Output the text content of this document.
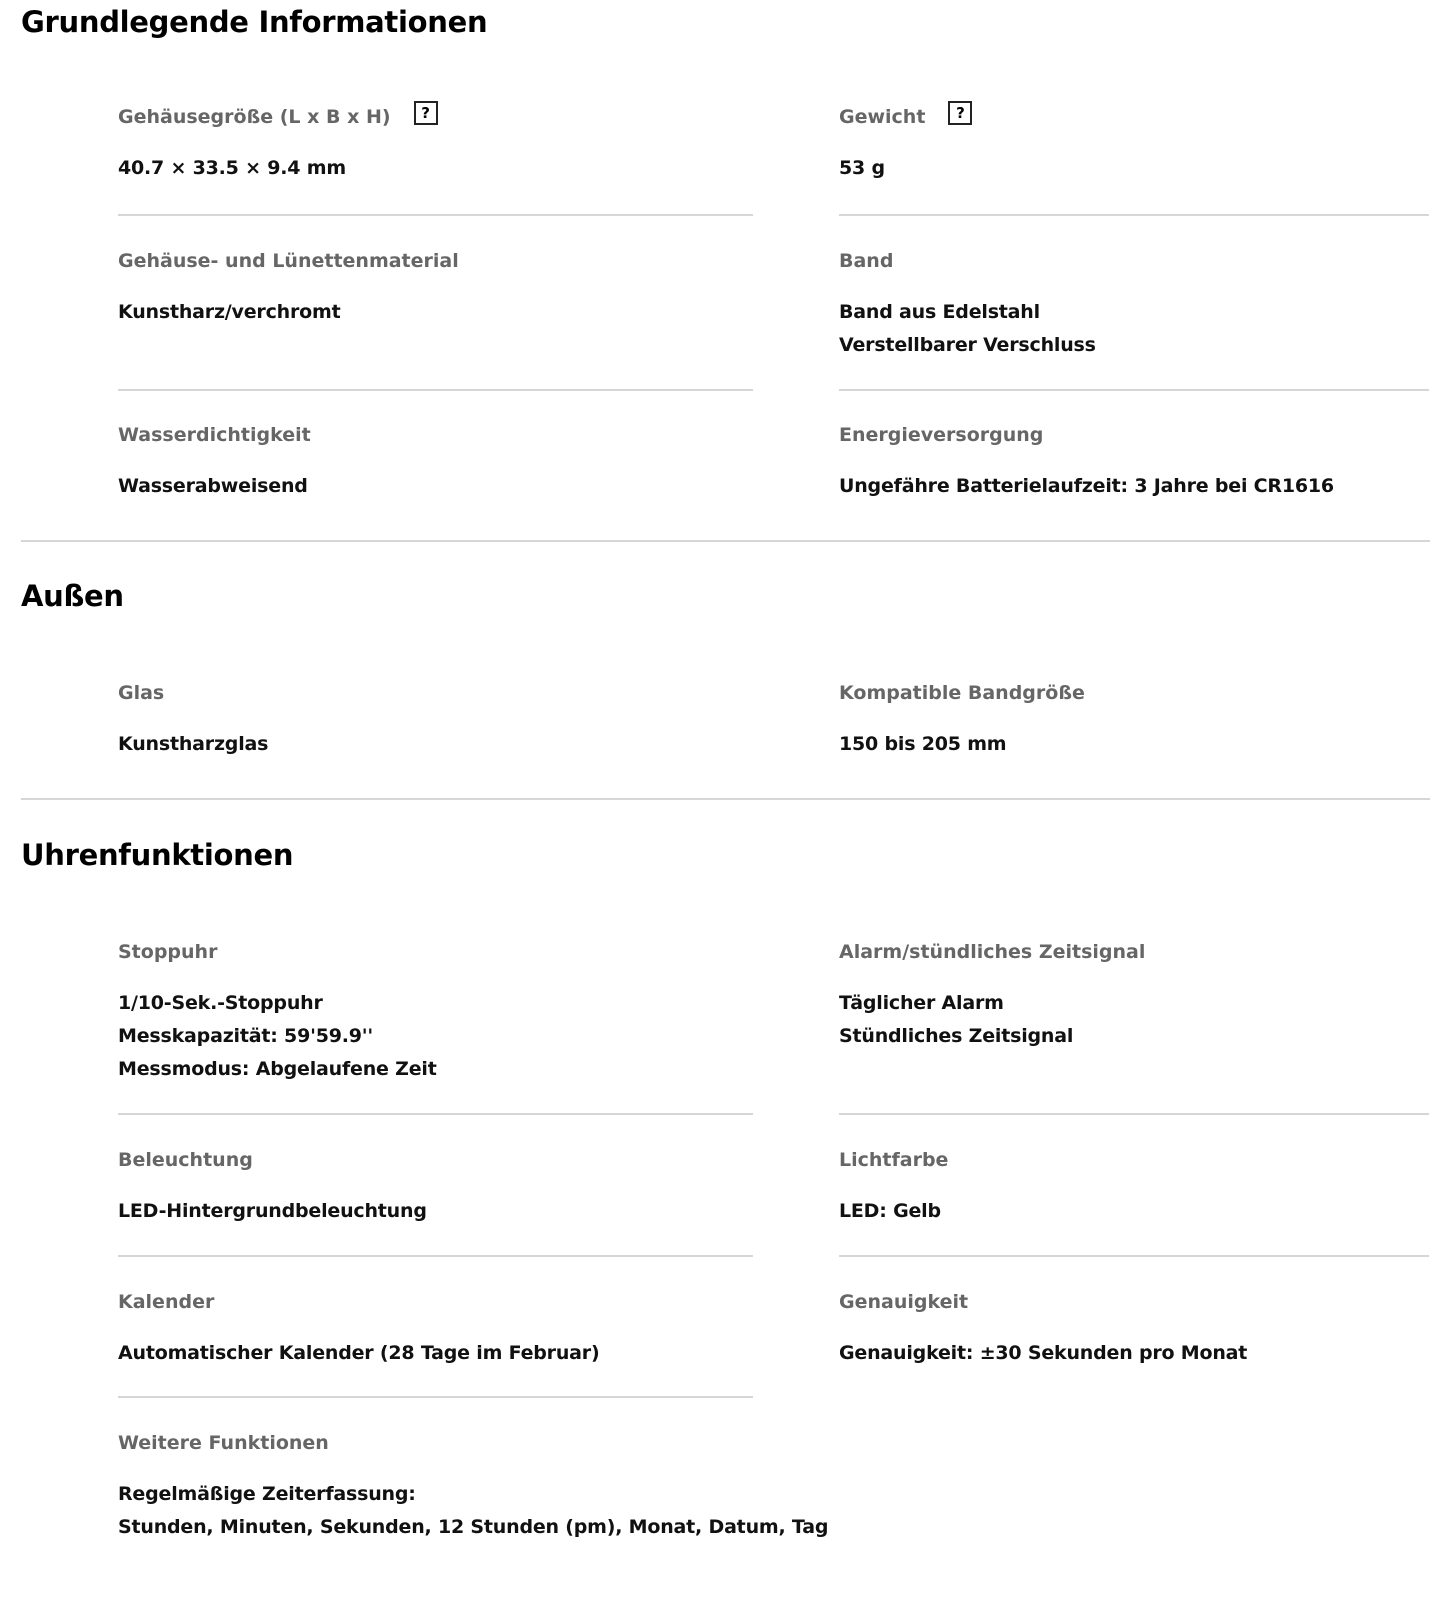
Grundlegende Informationen
Gehäusegröße (L x B x H)	?
40.7 × 33.5 × 9.4 mm
Gewicht	?
53 g
Gehäuse- und Lünettenmaterial
Kunstharz/verchromt
Band
Band aus Edelstahl
Verstellbarer Verschluss
Wasserdichtigkeit
Wasserabweisend
Energieversorgung
Ungefähre Batterielaufzeit: 3 Jahre bei CR1616
Außen
Glas
Kunstharzglas
Kompatible Bandgröße
150 bis 205 mm
Uhrenfunktionen
Stoppuhr
1/10-Sek.-Stoppuhr
Messkapazität: 59'59.9''
Messmodus: Abgelaufene Zeit
Alarm/stündliches Zeitsignal
Täglicher Alarm
Stündliches Zeitsignal
Beleuchtung
LED-Hintergrundbeleuchtung
Lichtfarbe
LED: Gelb
Kalender
Automatischer Kalender (28 Tage im Februar)
Genauigkeit
Genauigkeit: ±30 Sekunden pro Monat
Weitere Funktionen
Regelmäßige Zeiterfassung:
Stunden, Minuten, Sekunden, 12 Stunden (pm), Monat, Datum, Tag
